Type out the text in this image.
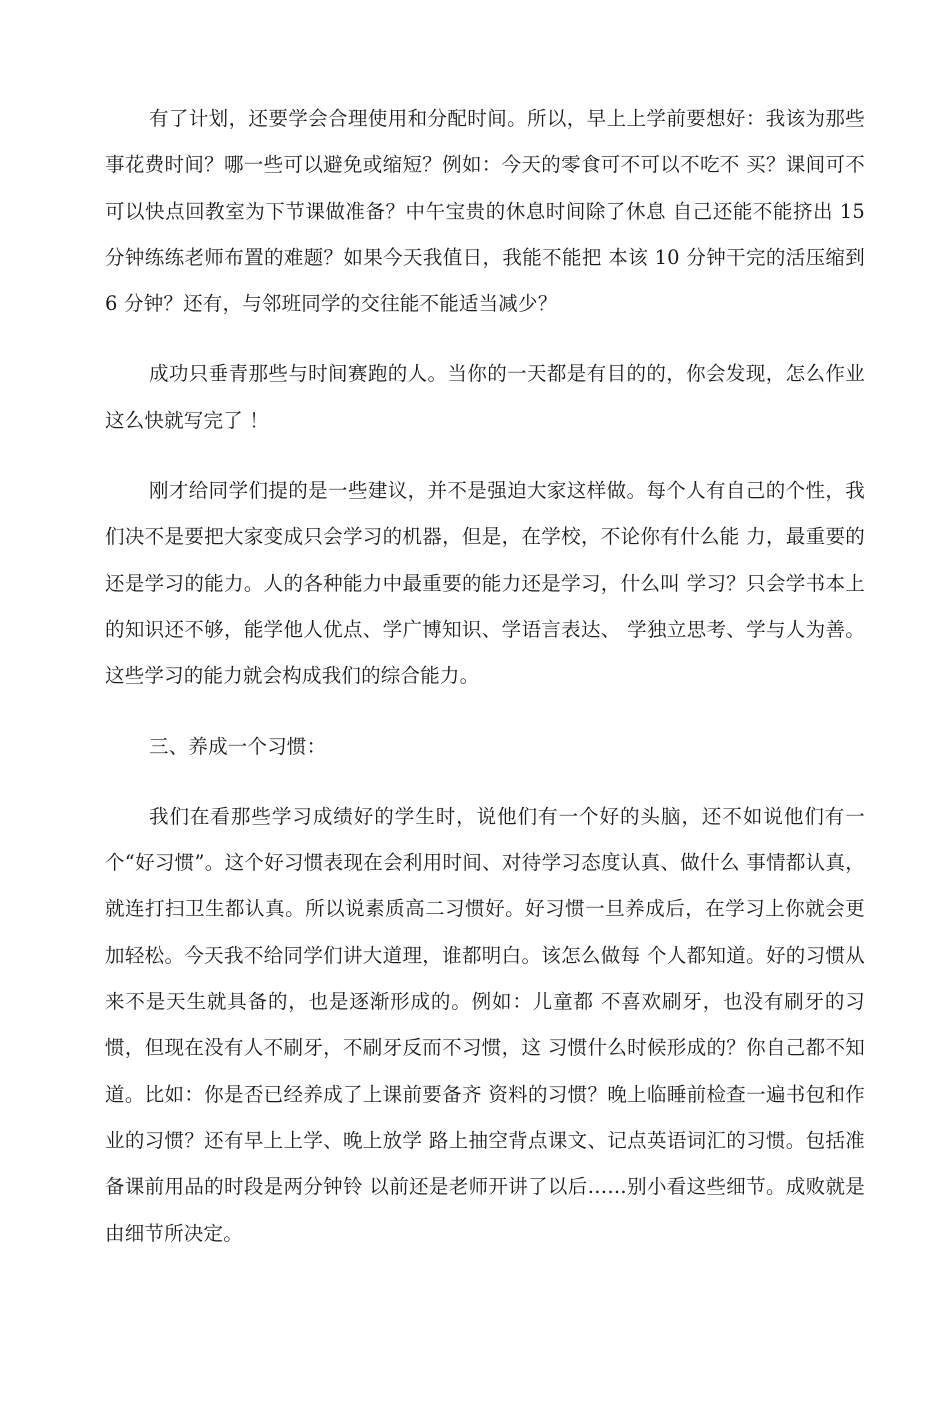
有了计划，还要学会合理使用和分配时间。所以，早上上学前要想好：我该为那些事花费时间？哪一些可以避免或缩短？例如：今天的零食可不可以不吃不 买？课间可不可以快点回教室为下节课做准备？中午宝贵的休息时间除了休息 自己还能不能挤出 15 分钟练练老师布置的难题？如果今天我值日，我能不能把 本该 10 分钟干完的活压缩到 6 分钟？还有，与邻班同学的交往能不能适当减少？

成功只垂青那些与时间赛跑的人。当你的一天都是有目的的，你会发现，怎么作业这么快就写完了 ！

刚才给同学们提的是一些建议，并不是强迫大家这样做。每个人有自己的个性，我们决不是要把大家变成只会学习的机器，但是，在学校，不论你有什么能 力，最重要的还是学习的能力。人的各种能力中最重要的能力还是学习，什么叫 学习？只会学书本上的知识还不够，能学他人优点、学广博知识、学语言表达、 学独立思考、学与人为善。这些学习的能力就会构成我们的综合能力。

三、养成一个习惯：

我们在看那些学习成绩好的学生时，说他们有一个好的头脑，还不如说他们有一个“好习惯”。这个好习惯表现在会利用时间、对待学习态度认真、做什么 事情都认真，就连打扫卫生都认真。所以说素质高二习惯好。好习惯一旦养成后，在学习上你就会更加轻松。今天我不给同学们讲大道理，谁都明白。该怎么做每 个人都知道。好的习惯从来不是天生就具备的，也是逐渐形成的。例如：儿童都 不喜欢刷牙，也没有刷牙的习惯，但现在没有人不刷牙，不刷牙反而不习惯，这 习惯什么时候形成的？你自己都不知道。比如：你是否已经养成了上课前要备齐 资料的习惯？晚上临睡前检查一遍书包和作业的习惯？还有早上上学、晚上放学 路上抽空背点课文、记点英语词汇的习惯。包括准备课前用品的时段是两分钟铃 以前还是老师开讲了以后……别小看这些细节。成败就是由细节所决定。
